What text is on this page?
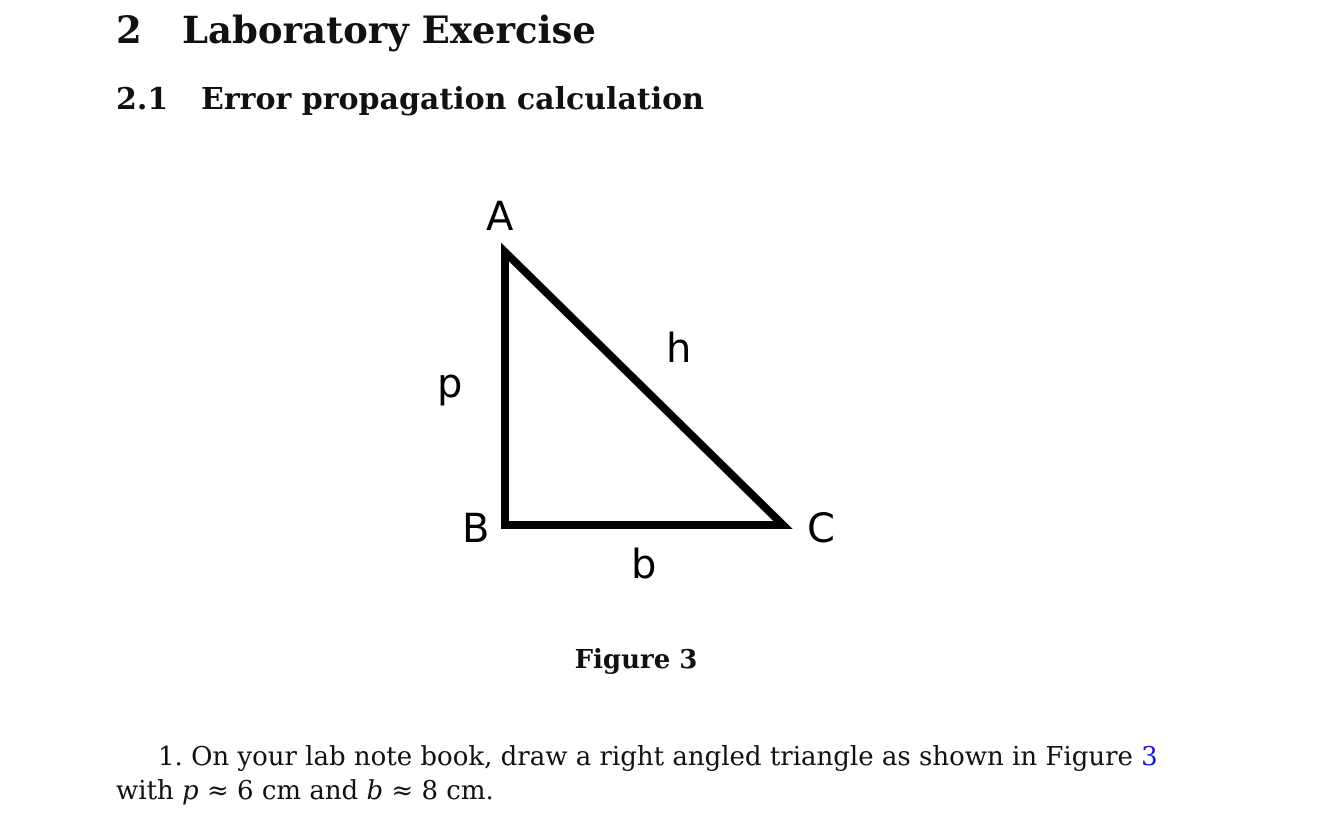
2 Laboratory Exercise
2.1 Error propagation calculation
A
B	C
p
h
b
Figure 3
1. On your lab note book, draw a right angled triangle as shown in Figure 3 with p ≈ 6 cm and b ≈ 8 cm.
